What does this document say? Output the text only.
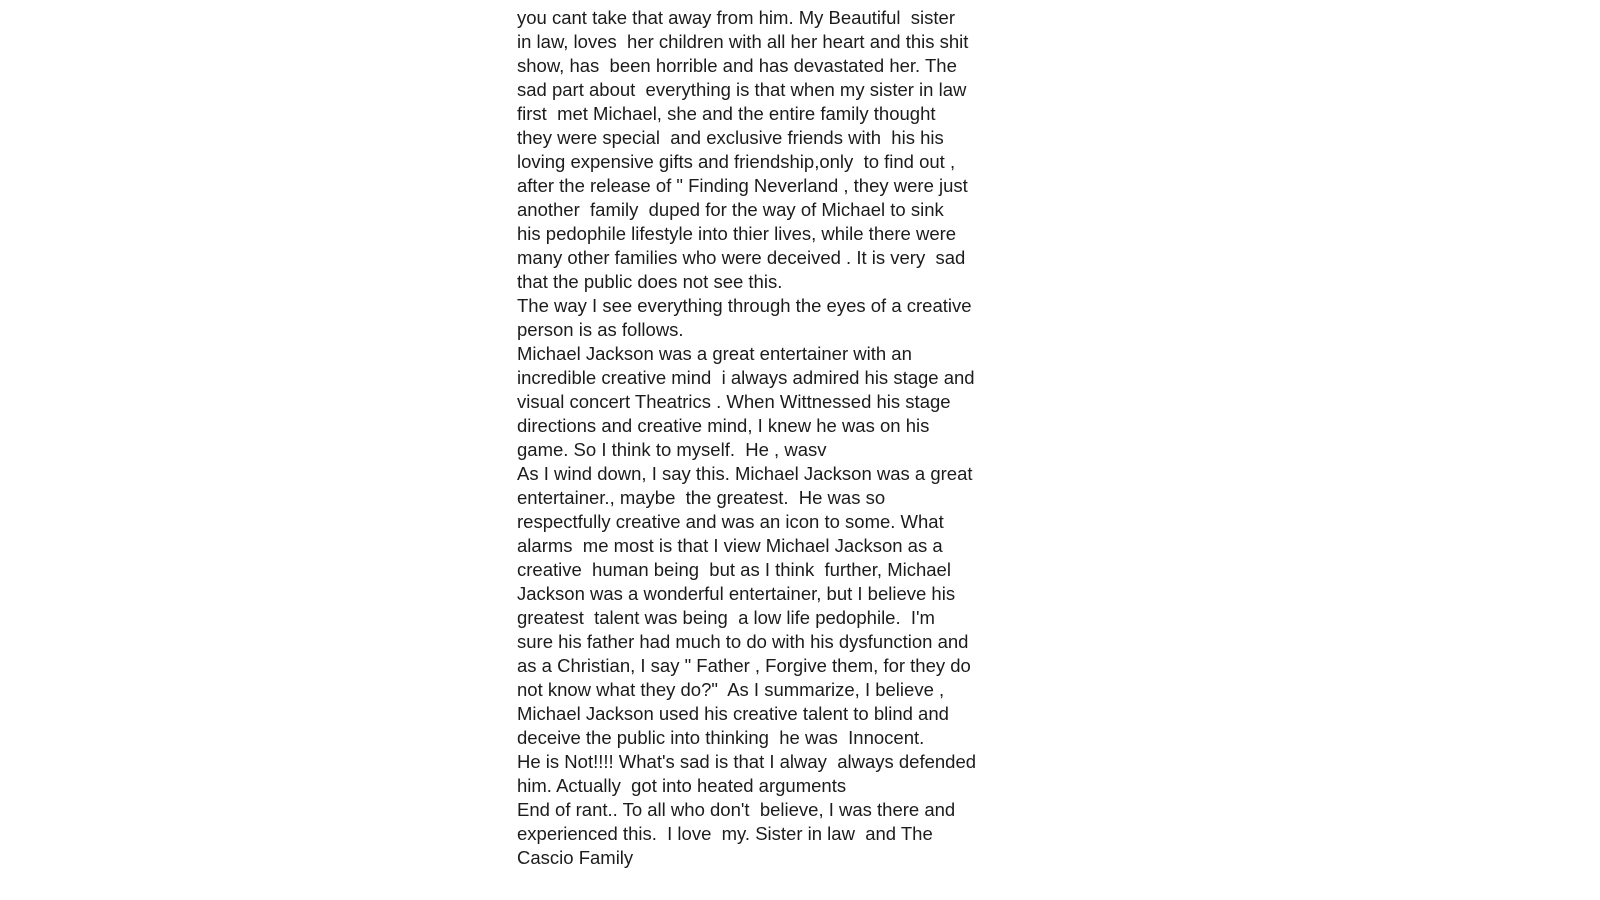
you cant take that away from him. My Beautiful  sister
in law, loves  her children with all her heart and this shit
show, has  been horrible and has devastated her. The
sad part about  everything is that when my sister in law
first  met Michael, she and the entire family thought
they were special  and exclusive friends with  his his
loving expensive gifts and friendship,only  to find out ,
after the release of " Finding Neverland , they were just
another  family  duped for the way of Michael to sink
his pedophile lifestyle into thier lives, while there were
many other families who were deceived . It is very  sad
that the public does not see this.
The way I see everything through the eyes of a creative
person is as follows.
Michael Jackson was a great entertainer with an
incredible creative mind  i always admired his stage and
visual concert Theatrics . When Wittnessed his stage
directions and creative mind, I knew he was on his
game. So I think to myself.  He , wasv
As I wind down, I say this. Michael Jackson was a great
entertainer., maybe  the greatest.  He was so
respectfully creative and was an icon to some. What
alarms  me most is that I view Michael Jackson as a
creative  human being  but as I think  further, Michael
Jackson was a wonderful entertainer, but I believe his
greatest  talent was being  a low life pedophile.  I'm
sure his father had much to do with his dysfunction and
as a Christian, I say " Father , Forgive them, for they do
not know what they do?"  As I summarize, I believe ,
Michael Jackson used his creative talent to blind and
deceive the public into thinking  he was  Innocent.
He is Not!!!! What's sad is that I alway  always defended
him. Actually  got into heated arguments
End of rant.. To all who don't  believe, I was there and
experienced this.  I love  my. Sister in law  and The
Cascio Family
